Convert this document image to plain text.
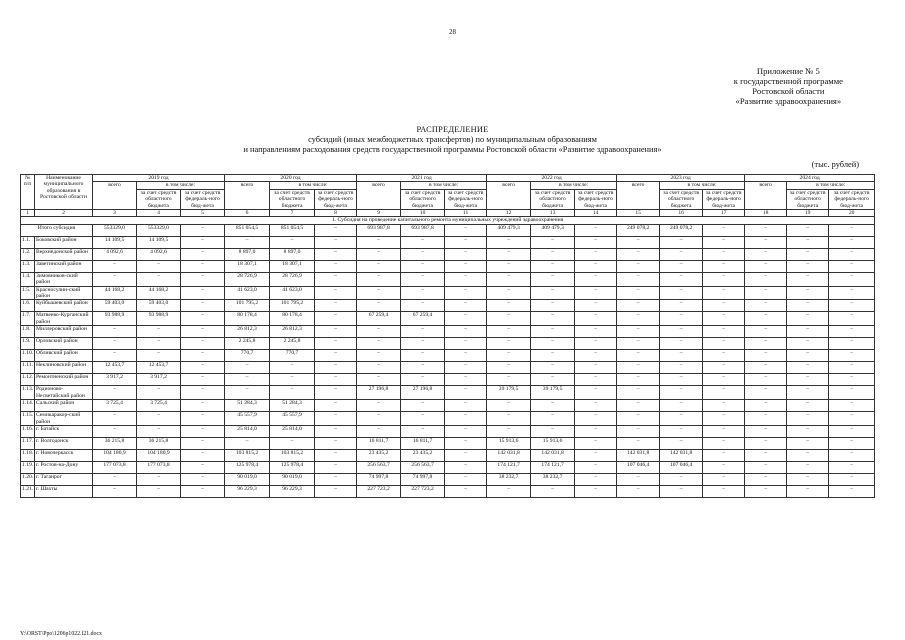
28
Приложение № 5
к государственной программе
Ростовской области
«Развитие здравоохранения»
РАСПРЕДЕЛЕНИЕ
субсидий (иных межбюджетных трансфертов) по муниципальным образованиям
и направлениям расходования средств государственной программы Ростовской области «Развитие здравоохранения»
(тыс. рублей)
№ п/п	Наименование муниципального образования в Ростовской области	2019 год			2020 год			2021 год			2022 год			2023 год			2024 год		
		всего	в том числе:		всего	в том числе:		всего	в том числе:		всего	в том числе:		всего	в том числе:		всего	в том числе:	
			за счет средств областного бюджета	за счет средств федераль-ного бюд-жета		за счет средств областного бюджета	за счет средств федераль-ного бюд-жета		за счет средств областного бюджета	за счет средств федераль-ного бюд-жета		за счет средств областного бюджета	за счет средств федераль-ного бюд-жета		за счет средств областного бюджета	за счет средств федераль-ного бюд-жета		за счет средств областного бюджета	за счет средств федераль-ного бюд-жета
1	2	3	4	5	6	7	8	9	10	11	12	13	14	15	16	17	18	19	20
1. Субсидия на проведение капитального ремонта муниципальных учреждений здравоохранения																			
Итого субсидия		553329,0	553329,0	–	851 054,5	851 054,5	–	693 987,8	693 987,8	–	409 479,3	409 479,3	–	249 078,2	249 078,2	–	–	–	–
1.1.	Боковский район	14 109,5	14 109,5	–	–	–	–	–	–	–	–	–	–	–	–	–	–	–	–
1.2.	Верхнедонской район	4 092,6	4 092,6	–	8 897,0	8 897,0	–	–	–	–	–	–	–	–	–	–	–	–	–
1.3.	Заветинский район	–	–	–	18 307,1	18 307,1	–	–	–	–	–	–	–	–	–	–	–	–	–
1.4.	Зимовников-ский район	–	–	–	28 726,9	28 726,9	–	–	–	–	–	–	–	–	–	–	–	–	–
1.5.	Красносулин-ский район	44 168,2	44 168,2	–	41 623,0	41 623,0	–	–	–	–	–	–	–	–	–	–	–	–	–
1.6.	Куйбышевский район	59 403,0	59 403,0	–	101 795,2	101 795,2	–	–	–	–	–	–	–	–	–	–	–	–	–
1.7.	Матвеево-Курганский район	93 988,9	93 988,9	–	80 178,4	80 178,4	–	67 259,4	67 259,4	–	–	–	–	–	–	–	–	–	–
1.8.	Миллеровский район	–	–	–	26 812,3	26 812,3	–	–	–	–	–	–	–	–	–	–	–	–	–
1.9.	Орловский район	–	–	–	2 245,8	2 245,8	–	–	–	–	–	–	–	–	–	–	–	–	–
1.10.	Обливский район	–	–	–	770,7	770,7	–	–	–	–	–	–	–	–	–	–	–	–	–
1.11.	Неклиновский район	12 453,7	12 453,7	–	–	–	–	–	–	–	–	–	–	–	–	–	–	–	–
1.12.	Ремонтненский район	3 917,2	3 917,2	–	–	–	–	–	–	–	–	–	–	–	–	–	–	–	–
1.13.	Родионово-Несветайский район	–	–	–	–	–	–	27 196,8	27 196,8	–	39 179,5	39 179,5	–	–	–	–	–	–	–
1.14.	Сальский район	3 725,4	3 725,4	–	51 284,3	51 284,3	–	–	–	–	–	–	–	–	–	–	–	–	–
1.15.	Семикаракор-ский район	–	–	–	45 557,9	45 557,9	–	–	–	–	–	–	–	–	–	–	–	–	–
1.16.	г. Батайск	–	–	–	25 814,0	25 814,0	–	–	–	–	–	–	–	–	–	–	–	–	–
1.17.	г. Волгодонск	36 215,8	36 215,8	–	–	–	–	16 811,7	16 811,7	–	15 913,6	15 913,6	–	–	–	–	–	–	–
1.18.	г. Новочеркасск	104 180,9	104 180,9	–	103 815,2	103 815,2	–	23 435,2	23 435,2	–	142 031,8	142 031,8	–	142 031,8	142 031,8	–	–	–	–
1.19.	г. Ростов-на-Дону	177 073,8	177 073,8	–	125 978,4	125 978,4	–	256 563,7	256 563,7	–	174 121,7	174 121,7	–	107 046,4	107 046,4	–	–	–	–
1.20.	г. Таганрог	–	–	–	90 019,0	90 019,0	–	74 997,8	74 997,8	–	38 232,7	38 232,7	–	–	–	–	–	–	–
1.21.	г. Шахты	–	–	–	96 229,3	96 229,3	–	227 723,2	227 723,2	–	–	–	–	–	–	–	–	–	–
Y:\ORST\Ppo\1206p1022.f21.docx
